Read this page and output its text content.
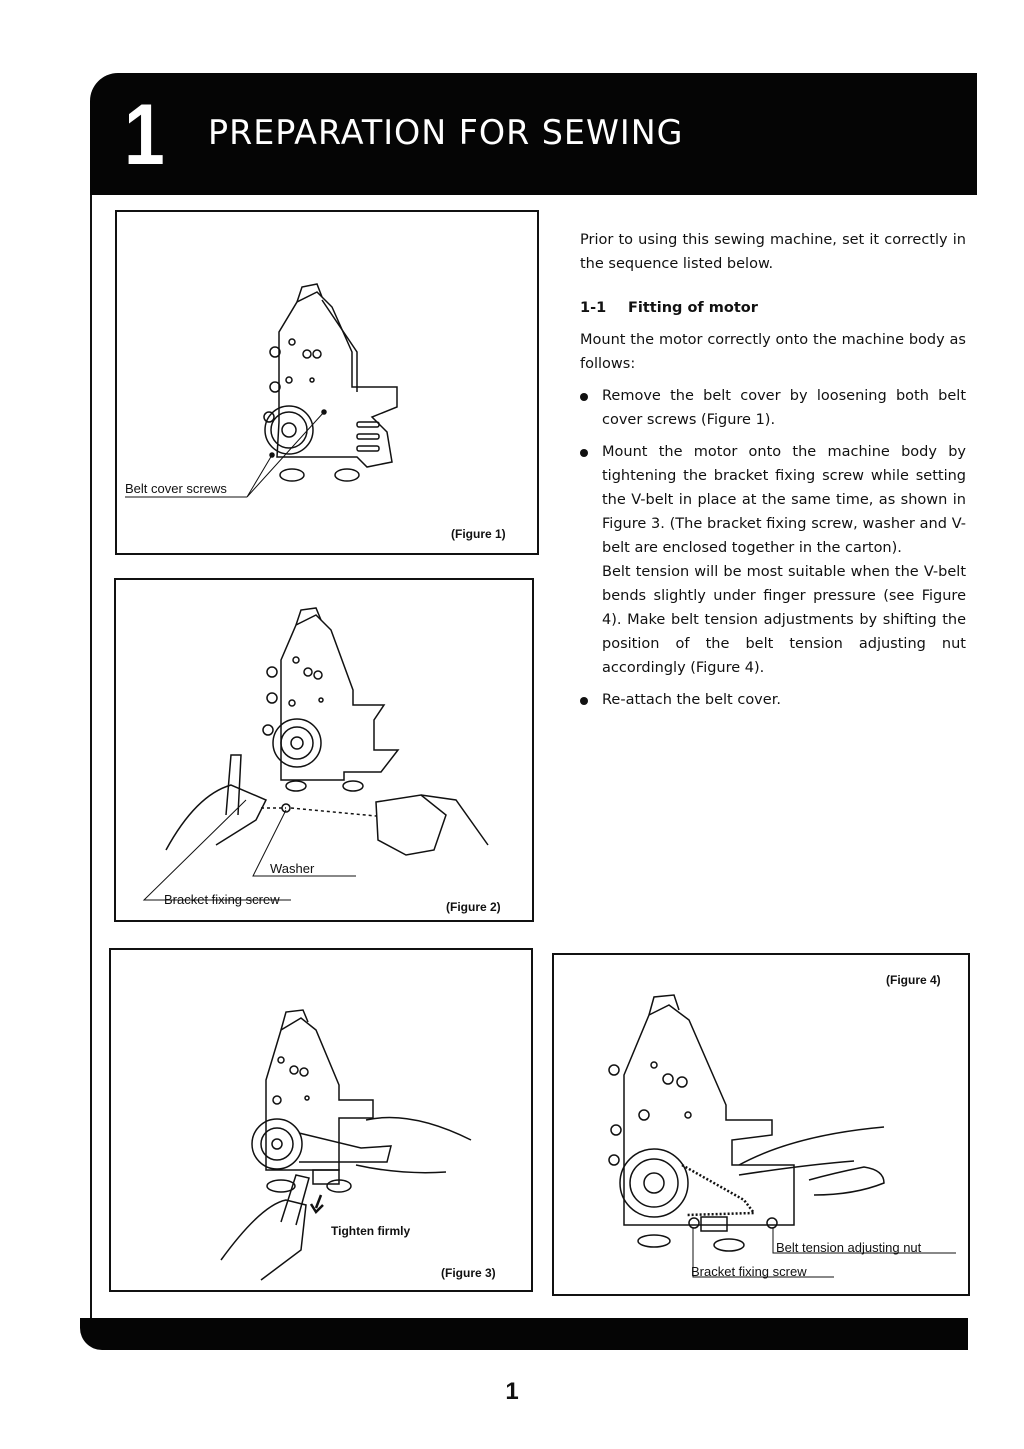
1 PREPARATION FOR SEWING
Belt cover screws
(Figure 1)
Washer
Bracket fixing screw	(Figure 2)
Tighten firmly
(Figure 3)
(Figure 4)
Belt tension adjusting nut
Bracket fixing screw

Prior to using this sewing machine, set it correctly in the sequence listed below.

1-1	Fitting of motor

Mount the motor correctly onto the machine body as follows:

Remove the belt cover by loosening both belt cover screws (Figure 1).
Mount the motor onto the machine body by tightening the bracket fixing screw while setting the V-belt in place at the same time, as shown in Figure 3. (The bracket fixing screw, washer and V-belt are enclosed together in the carton).
Belt tension will be most suitable when the V-belt bends slightly under finger pressure (see Figure 4). Make belt tension adjustments by shifting the position of the belt tension adjusting nut accordingly (Figure 4).
Re-attach the belt cover.
1
